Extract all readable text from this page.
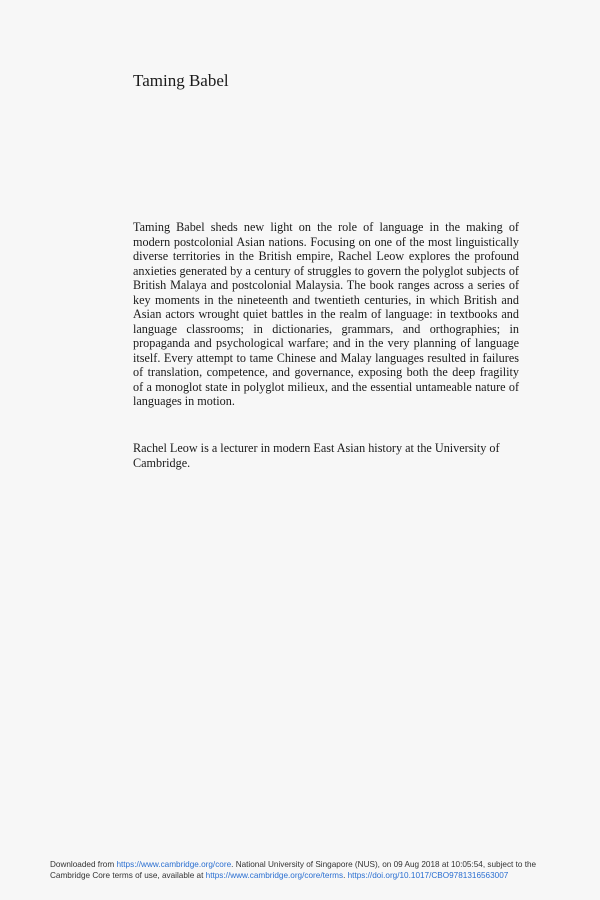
Taming Babel

Taming Babel sheds new light on the role of language in the making of modern postcolonial Asian nations. Focusing on one of the most linguistically diverse territories in the British empire, Rachel Leow explores the profound anxieties generated by a century of struggles to govern the polyglot subjects of British Malaya and postcolonial Malaysia. The book ranges across a series of key moments in the nineteenth and twentieth centuries, in which British and Asian actors wrought quiet battles in the realm of language: in textbooks and language classrooms; in dictionaries, grammars, and orthographies; in propaganda and psychological warfare; and in the very planning of language itself. Every attempt to tame Chinese and Malay languages resulted in failures of translation, competence, and governance, exposing both the deep fragility of a monoglot state in polyglot milieux, and the essential untameable nature of languages in motion.

Rachel Leow is a lecturer in modern East Asian history at the University of Cambridge.

Downloaded from https://www.cambridge.org/core. National University of Singapore (NUS), on 09 Aug 2018 at 10:05:54, subject to the
Cambridge Core terms of use, available at https://www.cambridge.org/core/terms. https://doi.org/10.1017/CBO9781316563007
